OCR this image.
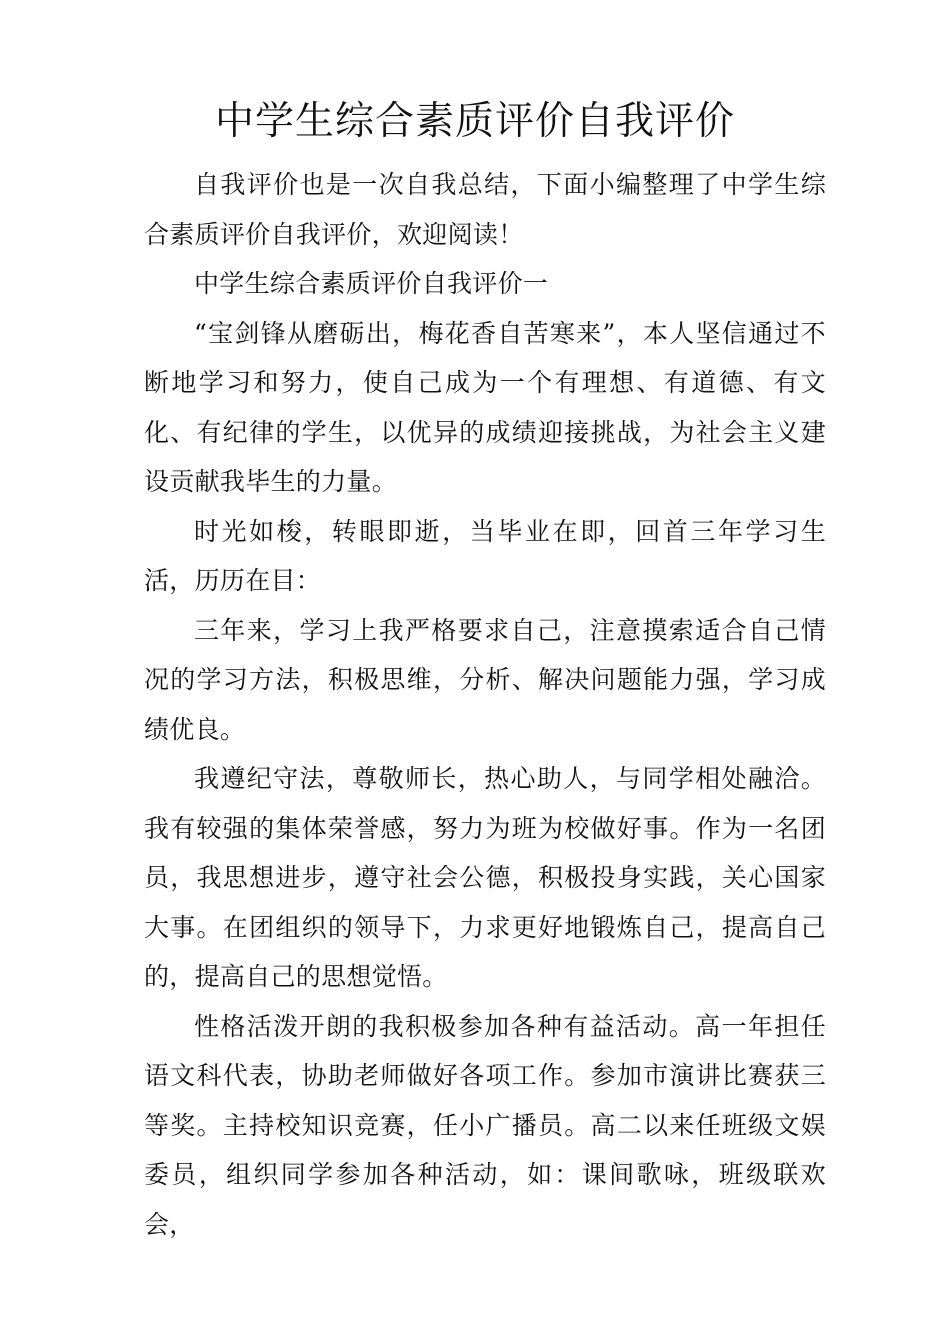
中学生综合素质评价自我评价

自我评价也是一次自我总结，下面小编整理了中学生综合素质评价自我评价，欢迎阅读！

中学生综合素质评价自我评价一

“宝剑锋从磨砺出，梅花香自苦寒来”，本人坚信通过不断地学习和努力，使自己成为一个有理想、有道德、有文化、有纪律的学生，以优异的成绩迎接挑战，为社会主义建设贡献我毕生的力量。

时光如梭，转眼即逝，当毕业在即，回首三年学习生活，历历在目：

三年来，学习上我严格要求自己，注意摸索适合自己情况的学习方法，积极思维，分析、解决问题能力强，学习成绩优良。

我遵纪守法，尊敬师长，热心助人，与同学相处融洽。我有较强的集体荣誉感，努力为班为校做好事。作为一名团员，我思想进步，遵守社会公德，积极投身实践，关心国家大事。在团组织的领导下，力求更好地锻炼自己，提高自己的，提高自己的思想觉悟。

性格活泼开朗的我积极参加各种有益活动。高一年担任语文科代表，协助老师做好各项工作。参加市演讲比赛获三等奖。主持校知识竞赛，任小广播员。高二以来任班级文娱委员，组织同学参加各种活动，如：课间歌咏，班级联欢会，
